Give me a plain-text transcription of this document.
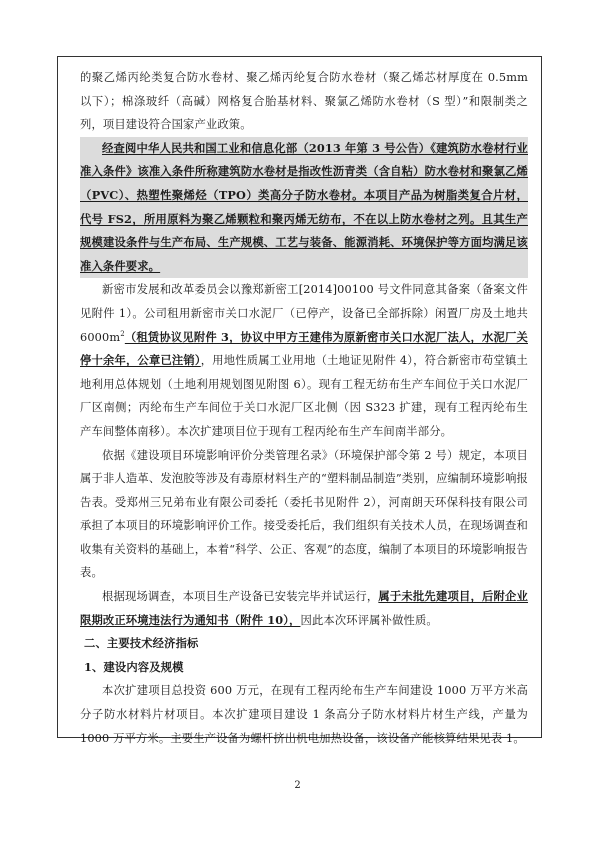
的聚乙烯丙纶类复合防水卷材、聚乙烯丙纶复合防水卷材（聚乙烯芯材厚度在 0.5mm 以下）；棉涤玻纤（高碱）网格复合胎基材料、聚氯乙烯防水卷材（S 型）”和限制类之列，项目建设符合国家产业政策。

经查阅中华人民共和国工业和信息化部（2013 年第 3 号公告）《建筑防水卷材行业准入条件》该准入条件所称建筑防水卷材是指改性沥青类（含自粘）防水卷材和聚氯乙烯（PVC）、热塑性聚烯烃（TPO）类高分子防水卷材。本项目产品为树脂类复合片材，代号 FS2，所用原料为聚乙烯颗粒和聚丙烯无纺布，不在以上防水卷材之列。且其生产规模建设条件与生产布局、生产规模、工艺与装备、能源消耗、环境保护等方面均满足该准入条件要求。

新密市发展和改革委员会以豫郑新密工[2014]00100 号文件同意其备案（备案文件见附件 1）。公司租用新密市关口水泥厂（已停产，设备已全部拆除）闲置厂房及土地共 $6000m^2$（租赁协议见附件 3，协议中甲方王建伟为原新密市关口水泥厂法人，水泥厂关停十余年，公章已注销），用地性质属工业用地（土地证见附件 4），符合新密市苟堂镇土地利用总体规划（土地利用规划图见附图 6）。现有工程无纺布生产车间位于关口水泥厂厂区南侧；丙纶布生产车间位于关口水泥厂区北侧（因 S323 扩建，现有工程丙纶布生产车间整体南移）。本次扩建项目位于现有工程丙纶布生产车间南半部分。

依据《建设项目环境影响评价分类管理名录》（环境保护部令第 2 号）规定，本项目属于非人造革、发泡胶等涉及有毒原材料生产的“塑料制品制造”类别，应编制环境影响报告表。受郑州三兄弟布业有限公司委托（委托书见附件 2），河南朗天环保科技有限公司承担了本项目的环境影响评价工作。接受委托后，我们组织有关技术人员，在现场调查和收集有关资料的基础上，本着“科学、公正、客观”的态度，编制了本项目的环境影响报告表。

根据现场调查，本项目生产设备已安装完毕并试运行，属于未批先建项目，后附企业限期改正环境违法行为通知书（附件 10），因此本次环评属补做性质。

二、主要技术经济指标

1、建设内容及规模

本次扩建项目总投资 600 万元，在现有工程丙纶布生产车间建设 1000 万平方米高分子防水材料片材项目。本次扩建项目建设 1 条高分子防水材料片材生产线，产量为 1000 万平方米。主要生产设备为螺杆挤出机电加热设备，该设备产能核算结果见表 1。

2
